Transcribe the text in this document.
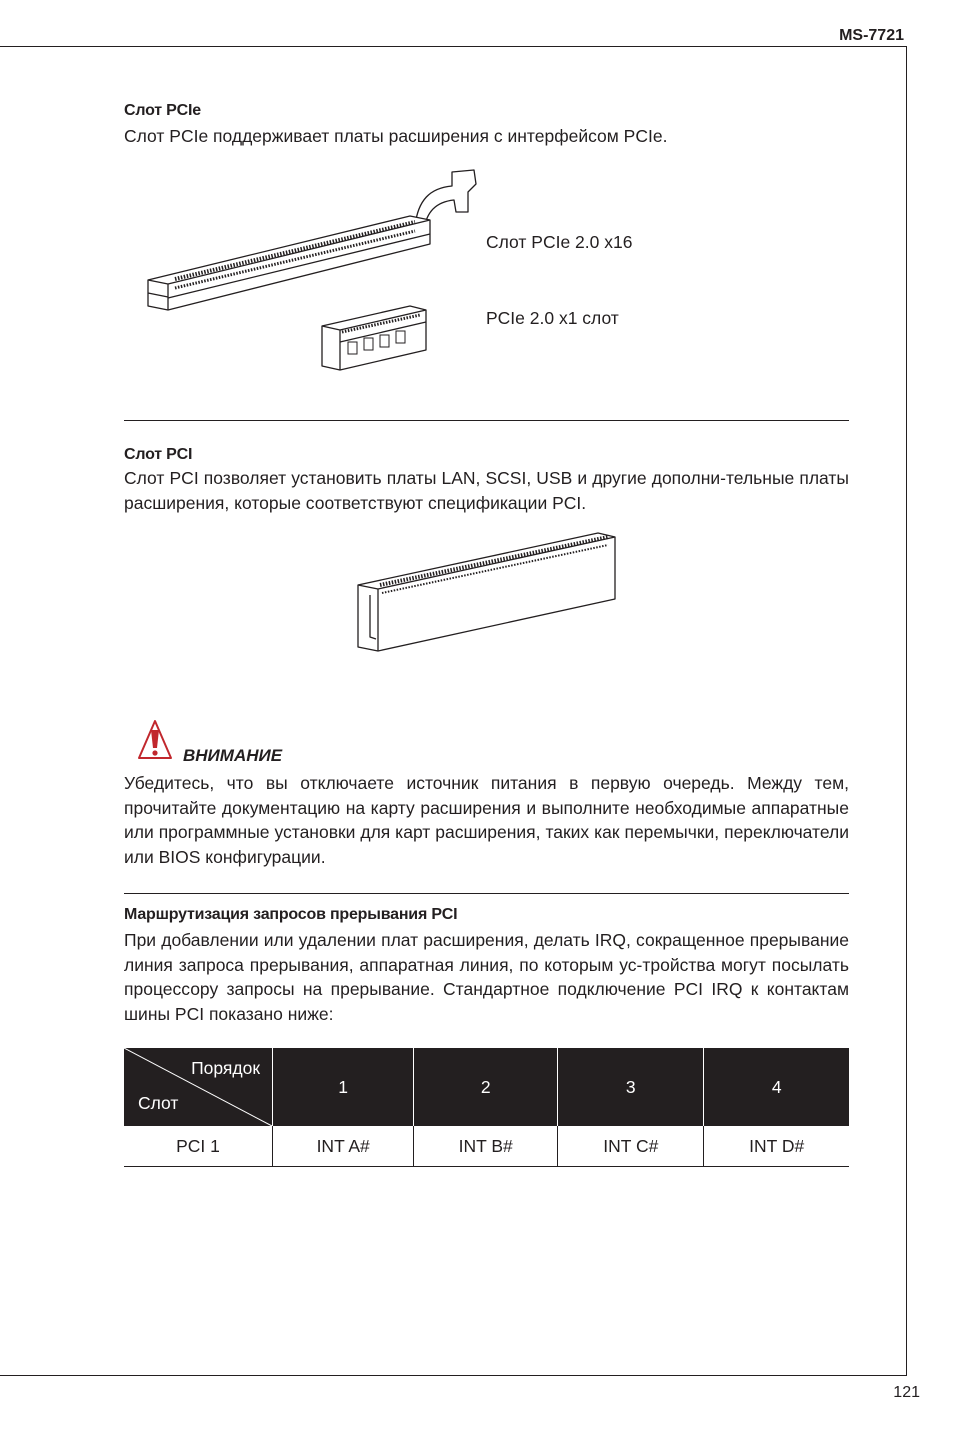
MS-7721
121
Слот PCIe
Слот PCIe поддерживает платы расширения с интерфейсом PCIe.
Слот PCIe 2.0 x16
PCIe 2.0 x1 слот
Слот PCI
Слот PCI позволяет установить платы LAN, SCSI, USB и другие дополни-тельные платы расширения, которые соответствуют спецификации PCI.
ВНИМАНИЕ
Убедитесь, что вы отключаете источник питания в первую очередь. Между тем, прочитайте документацию на карту расширения и выполните необходимые аппаратные или программные установки для карт расширения, таких как перемычки, переключатели или BIOS конфигурации.
Маршрутизация запросов прерывания PCI
При добавлении или удалении плат расширения, делать IRQ, сокращенное прерывание линия запроса прерывания, аппаратная линия, по которым ус-тройства могут посылать процессору запросы на прерывание. Стандартное подключение PCI IRQ к контактам шины PCI показано ниже:
Порядок
Слот	1	2	3	4
PCI 1	INT A#	INT B#	INT C#	INT D#
